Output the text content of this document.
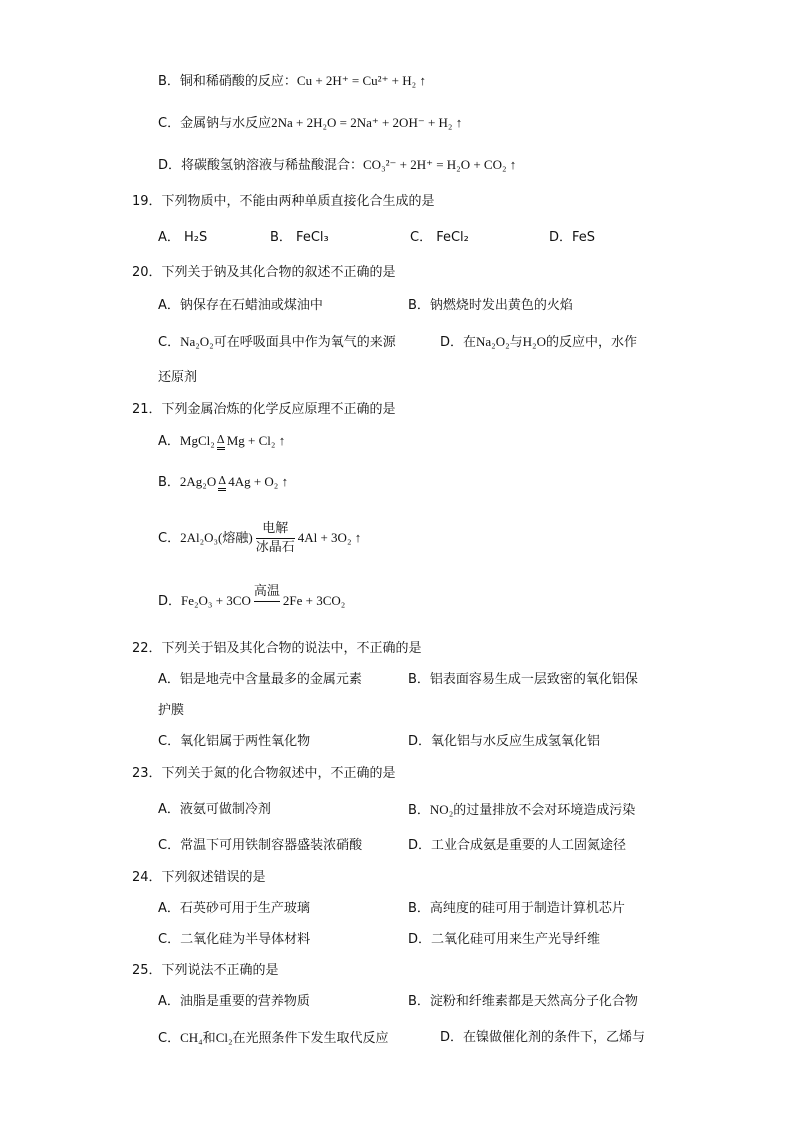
B．铜和稀硝酸的反应：Cu + 2H⁺ = Cu²⁺ + H₂ ↑
C．金属钠与水反应2Na + 2H₂O = 2Na⁺ + 2OH⁻ + H₂ ↑
D．将碳酸氢钠溶液与稀盐酸混合：CO₃²⁻ + 2H⁺ = H₂O + CO₂ ↑
19．下列物质中，不能由两种单质直接化合生成的是
A． H₂S	B． FeCl₃	C． FeCl₂	D．FeS
20．下列关于钠及其化合物的叙述不正确的是
A．钠保存在石蜡油或煤油中	B．钠燃烧时发出黄色的火焰
C．Na₂O₂可在呼吸面具中作为氧气的来源	D．在Na₂O₂与H₂O的反应中，水作
还原剂
21．下列金属冶炼的化学反应原理不正确的是
A．MgCl₂ Δ Mg + Cl₂ ↑
B．2Ag₂O Δ 4Ag + O₂ ↑
C．2Al₂O₃(熔融) $\frac{\text{电解}}{\text{冰晶石}} 4Al + 3O_2$ ↑
D．Fe₂O₃ + 3CO
高温

2Fe + 3CO₂
22．下列关于铝及其化合物的说法中，不正确的是
A．铝是地壳中含量最多的金属元素	B．铝表面容易生成一层致密的氧化铝保
护膜
C．氧化铝属于两性氧化物	D．氧化铝与水反应生成氢氧化铝
23．下列关于氮的化合物叙述中，不正确的是
A．液氨可做制冷剂	B．NO₂的过量排放不会对环境造成污染
C．常温下可用铁制容器盛装浓硝酸	D．工业合成氨是重要的人工固氮途径
24．下列叙述错误的是
A．石英砂可用于生产玻璃	B．高纯度的硅可用于制造计算机芯片
C．二氧化硅为半导体材料	D．二氧化硅可用来生产光导纤维
25．下列说法不正确的是
A．油脂是重要的营养物质	B．淀粉和纤维素都是天然高分子化合物
C．CH₄和Cl₂在光照条件下发生取代反应	D．在镍做催化剂的条件下，乙烯与
